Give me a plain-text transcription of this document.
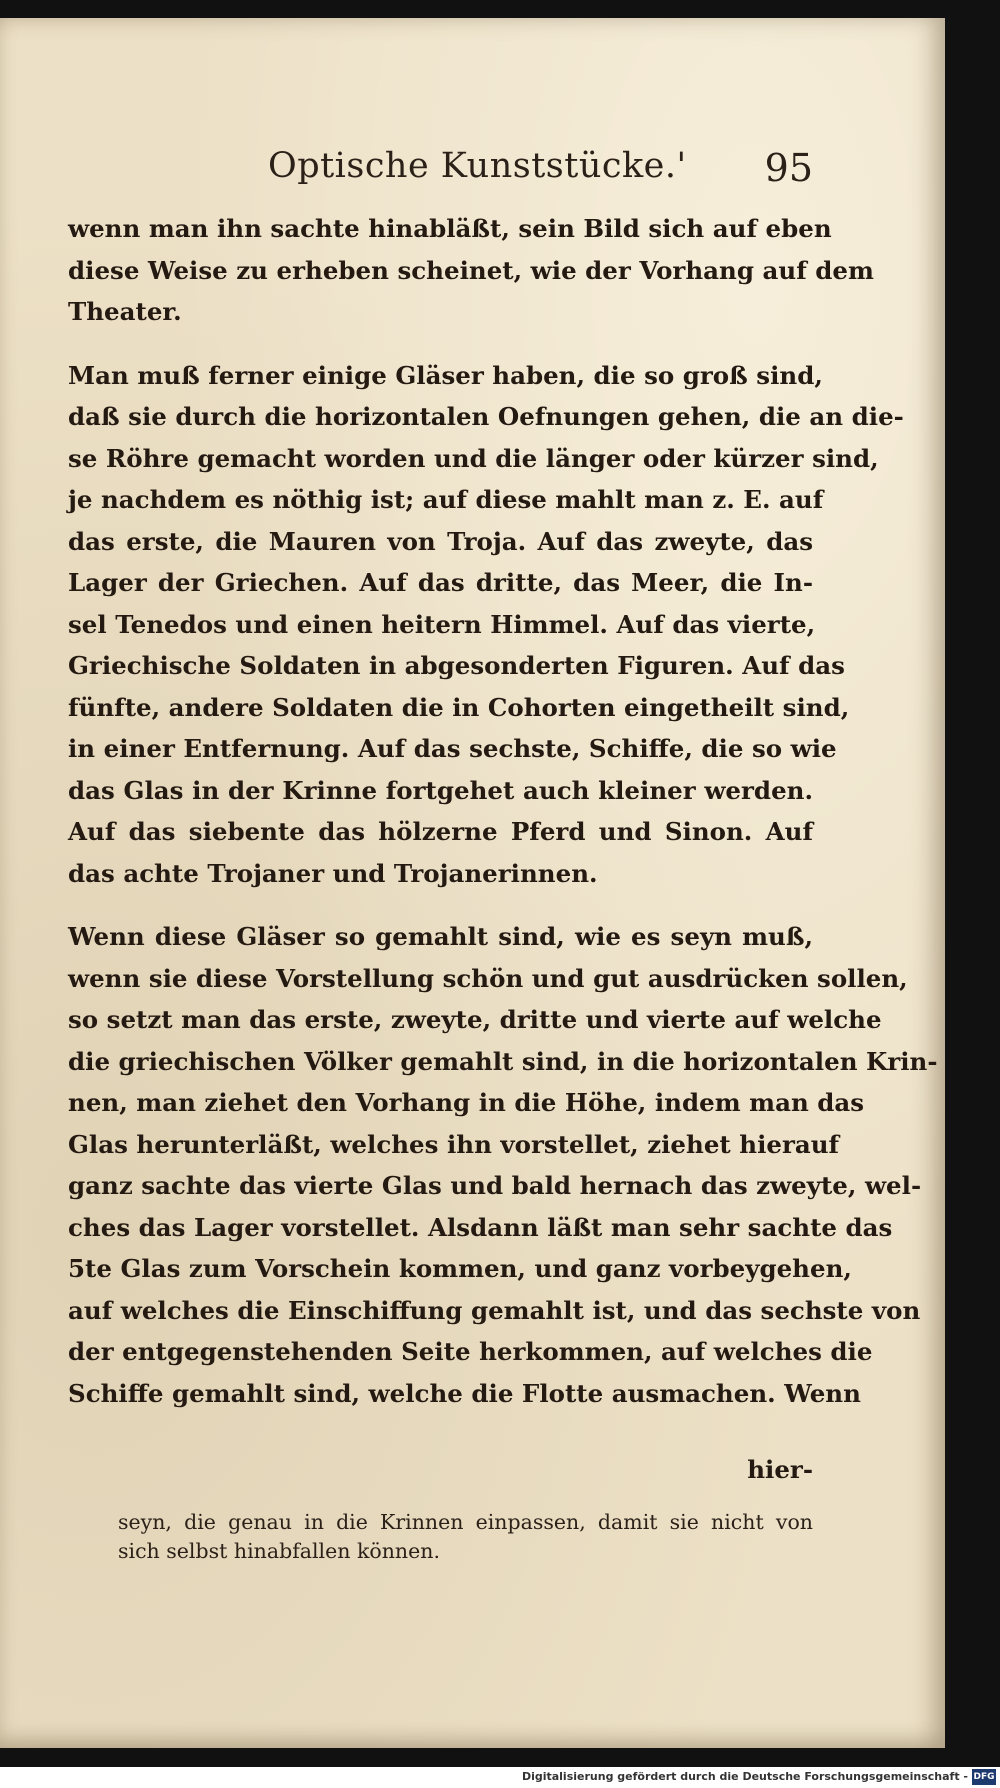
Optische Kunststücke.' 95
wenn man ihn sachte hinabläßt, sein Bild sich auf eben
diese Weise zu erheben scheinet, wie der Vorhang auf dem
Theater.
Man muß ferner einige Gläser haben, die so groß sind,
daß sie durch die horizontalen Oefnungen gehen, die an die-
se Röhre gemacht worden und die länger oder kürzer sind,
je nachdem es nöthig ist; auf diese mahlt man z. E. auf
das erste, die Mauren von Troja. Auf das zweyte, das
Lager der Griechen. Auf das dritte, das Meer, die In-
sel Tenedos und einen heitern Himmel. Auf das vierte,
Griechische Soldaten in abgesonderten Figuren. Auf das
fünfte, andere Soldaten die in Cohorten eingetheilt sind,
in einer Entfernung. Auf das sechste, Schiffe, die so wie
das Glas in der Krinne fortgehet auch kleiner werden.
Auf das siebente das hölzerne Pferd und Sinon. Auf
das achte Trojaner und Trojanerinnen.
Wenn diese Gläser so gemahlt sind, wie es seyn muß,
wenn sie diese Vorstellung schön und gut ausdrücken sollen,
so setzt man das erste, zweyte, dritte und vierte auf welche
die griechischen Völker gemahlt sind, in die horizontalen Krin-
nen, man ziehet den Vorhang in die Höhe, indem man das
Glas herunterläßt, welches ihn vorstellet, ziehet hierauf
ganz sachte das vierte Glas und bald hernach das zweyte, wel-
ches das Lager vorstellet. Alsdann läßt man sehr sachte das
5te Glas zum Vorschein kommen, und ganz vorbeygehen,
auf welches die Einschiffung gemahlt ist, und das sechste von
der entgegenstehenden Seite herkommen, auf welches die
Schiffe gemahlt sind, welche die Flotte ausmachen. Wenn
hier-
seyn, die genau in die Krinnen einpassen, damit sie nicht von
sich selbst hinabfallen können.
Digitalisierung gefördert durch die Deutsche Forschungsgemeinschaft - DFG
